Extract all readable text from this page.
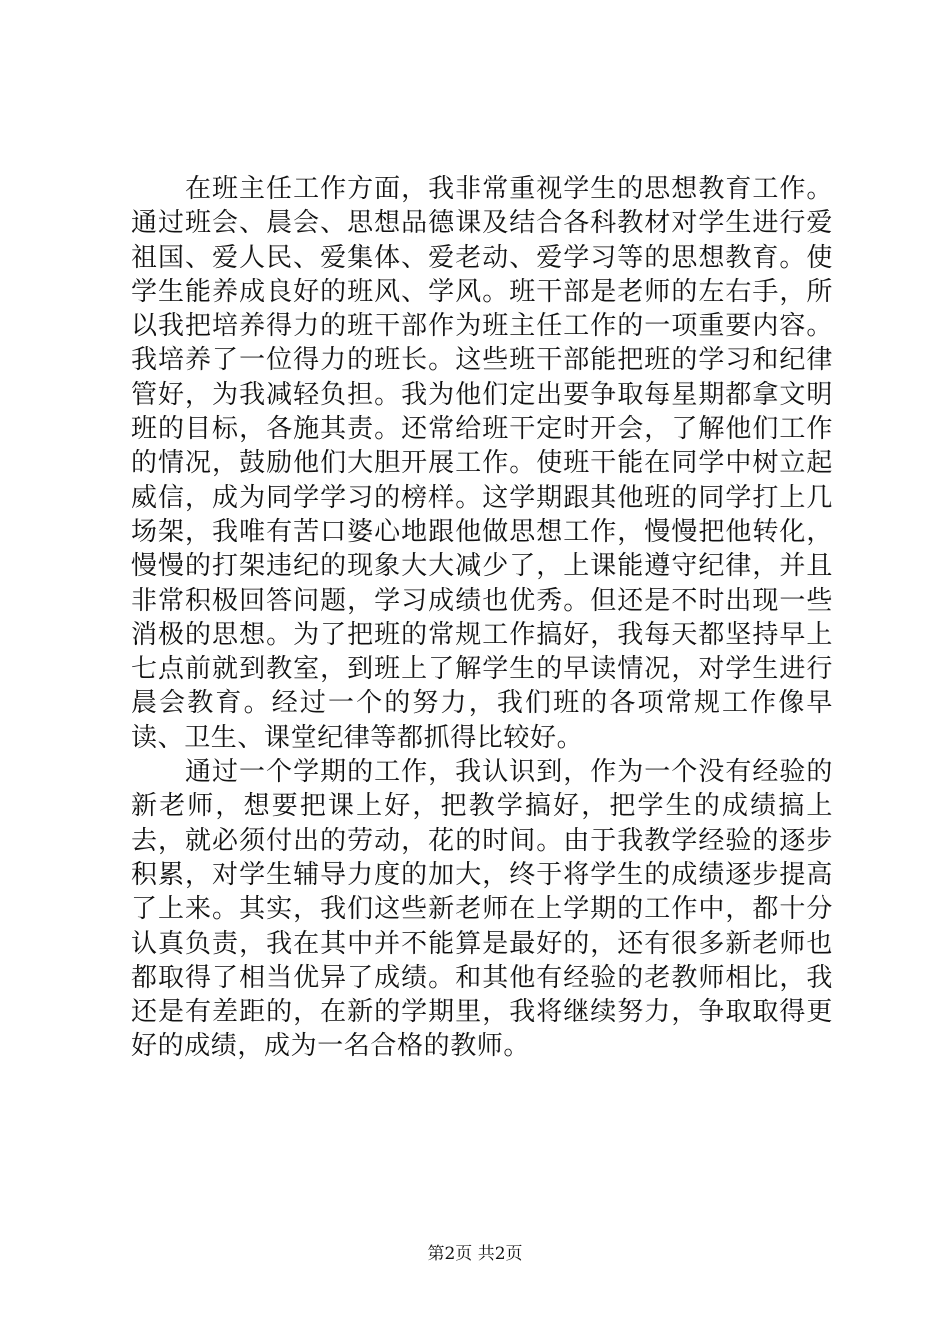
在班主任工作方面，我非常重视学生的思想教育工作。通过班会、晨会、思想品德课及结合各科教材对学生进行爱祖国、爱人民、爱集体、爱老动、爱学习等的思想教育。使学生能养成良好的班风、学风。班干部是老师的左右手，所以我把培养得力的班干部作为班主任工作的一项重要内容。我培养了一位得力的班长。这些班干部能把班的学习和纪律管好，为我减轻负担。我为他们定出要争取每星期都拿文明班的目标，各施其责。还常给班干定时开会，了解他们工作的情况，鼓励他们大胆开展工作。使班干能在同学中树立起威信，成为同学学习的榜样。这学期跟其他班的同学打上几场架，我唯有苦口婆心地跟他做思想工作，慢慢把他转化，慢慢的打架违纪的现象大大减少了，上课能遵守纪律，并且非常积极回答问题，学习成绩也优秀。但还是不时出现一些消极的思想。为了把班的常规工作搞好，我每天都坚持早上七点前就到教室，到班上了解学生的早读情况，对学生进行晨会教育。经过一个的努力，我们班的各项常规工作像早读、卫生、课堂纪律等都抓得比较好。

通过一个学期的工作，我认识到，作为一个没有经验的新老师，想要把课上好，把教学搞好，把学生的成绩搞上去，就必须付出的劳动，花的时间。由于我教学经验的逐步积累，对学生辅导力度的加大，终于将学生的成绩逐步提高了上来。其实，我们这些新老师在上学期的工作中，都十分认真负责，我在其中并不能算是最好的，还有很多新老师也都取得了相当优异了成绩。和其他有经验的老教师相比，我还是有差距的，在新的学期里，我将继续努力，争取取得更好的成绩，成为一名合格的教师。

第2页 共2页
